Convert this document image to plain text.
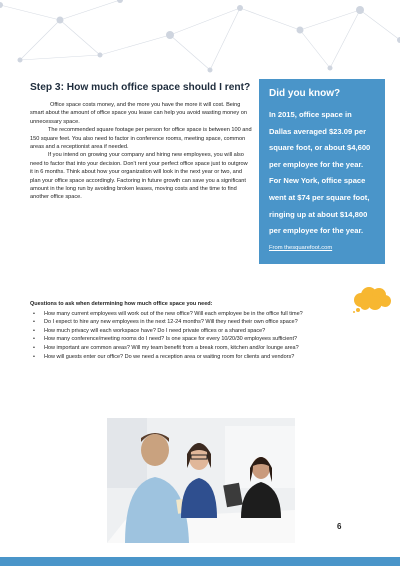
Step 3: How much office space should I rent?

Office space costs money, and the more you have the more it will cost. Being smart about the amount of office space you lease can help you avoid wasting money on unnecessary space.

The recommended square footage per person for office space is between 100 and 150 square feet. You also need to factor in conference rooms, meeting space, common areas and a receptionist area if needed.

If you intend on growing your company and hiring new employees, you will also need to factor that into your decision. Don't rent your perfect office space just to outgrow it in 6 months. Think about how your organization will look in the next year or two, and plan your office space accordingly. Factoring in future growth can save you a significant amount in the long run by avoiding broken leases, moving costs and the time to find another office space.

Did you know?

In 2015, office space in Dallas averaged $23.09 per square foot, or about $4,600 per employee for the year. For New York, office space went at $74 per square foot, ringing up at about $14,800 per employee for the year.

From thesquarefoot.com

Questions to ask when determining how much office space you need:

• How many current employees will work out of the new office? Will each employee be in the office full time?
• Do I expect to hire any new employees in the next 12-24 months? Will they need their own office space?
• How much privacy will each workspace have? Do I need private offices or a shared space?
• How many conference/meeting rooms do I need? Is one space for every 10/20/30 employees sufficient?
• How important are common areas? Will my team benefit from a break room, kitchen and/or lounge area?
• How will guests enter our office? Do we need a reception area or waiting room for clients and vendors?

6
